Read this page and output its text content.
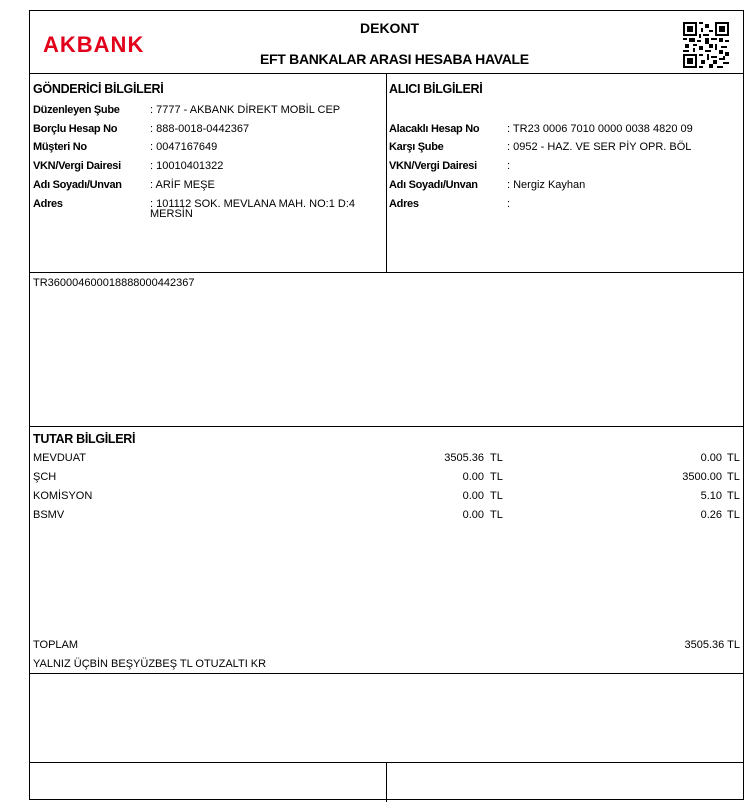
AKBANK
DEKONT
EFT BANKALAR ARASI HESABA HAVALE
GÖNDERİCİ BİLGİLERİ
Düzenleyen Şube	: 7777 - AKBANK DİREKT MOBİL CEP
Borçlu Hesap No	: 888-0018-0442367
Müşteri No	: 0047167649
VKN/Vergi Dairesi	: 10010401322
Adı Soyadı/Unvan	: ARİF MEŞE
Adres	: 101112 SOK. MEVLANA MAH. NO:1 D:4 MERSİN
ALICI BİLGİLERİ
Alacaklı Hesap No	: TR23 0006 7010 0000 0038 4820 09
Karşı Şube	: 0952 - HAZ. VE SER PİY OPR. BÖL
VKN/Vergi Dairesi	:
Adı Soyadı/Unvan	: Nergiz Kayhan
Adres	:
TR360004600018888000442367
TUTAR BİLGİLERİ
MEVDUAT	3505.36 TL	0.00 TL
ŞCH	0.00 TL	3500.00 TL
KOMİSYON	0.00 TL	5.10 TL
BSMV	0.00 TL	0.26 TL
TOPLAM	3505.36 TL
YALNIZ ÜÇBİN BEŞYÜZBEŞ TL OTUZALTI KR
